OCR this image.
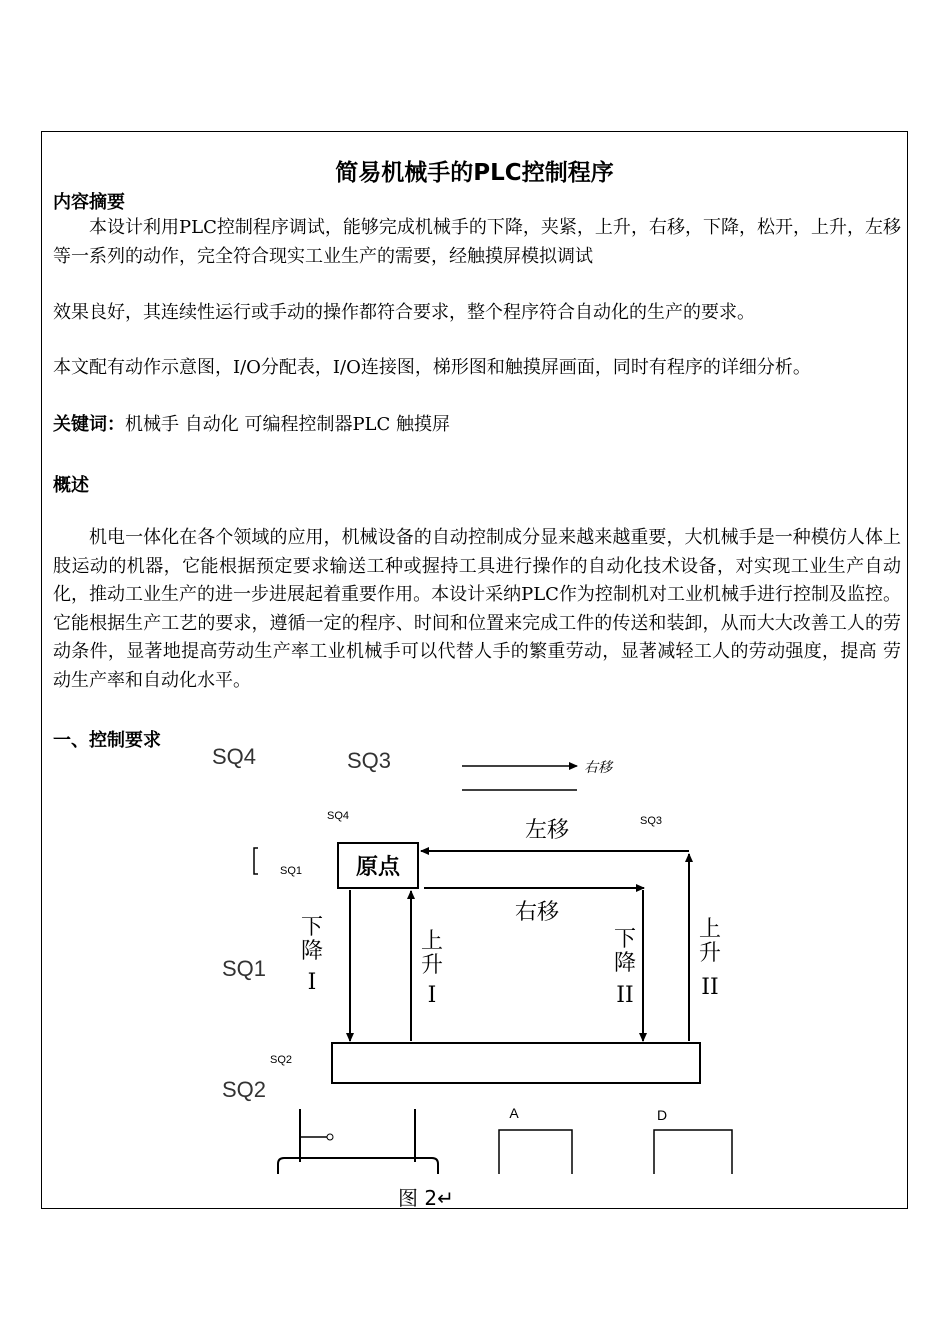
简易机械手的PLC控制程序
内容摘要
本设计利用PLC控制程序调试，能够完成机械手的下降，夹紧，上升，右移，下降，松开，上升，左移等一系列的动作，完全符合现实工业生产的需要，经触摸屏模拟调试
效果良好，其连续性运行或手动的操作都符合要求，整个程序符合自动化的生产的要求。
本文配有动作示意图，I/O分配表，I/O连接图，梯形图和触摸屏画面，同时有程序的详细分析。
关键词：机械手 自动化 可编程控制器PLC 触摸屏
概述
机电一体化在各个领域的应用，机械设备的自动控制成分显来越来越重要，大机械手是一种模仿人体上肢运动的机器，它能根据预定要求输送工种或握持工具进行操作的自动化技术设备，对实现工业生产自动化，推动工业生产的进一步进展起着重要作用。本设计采纳PLC作为控制机对工业机械手进行控制及监控。它能根据生产工艺的要求，遵循一定的程序、时间和位置来完成工件的传送和装卸，从而大大改善工人的劳动条件，显著地提高劳动生产率工业机械手可以代替人手的繁重劳动，显著减轻工人的劳动强度，提高 劳动生产率和自动化水平。
一、控制要求
SQ4	SQ3	右移
SQ4	SQ3
SQ1
SQ1
SQ2
SQ2
原点
左移
右移
下
降
I
上
升
I
下
降
II
上
升
II
A	D
图 2↵
